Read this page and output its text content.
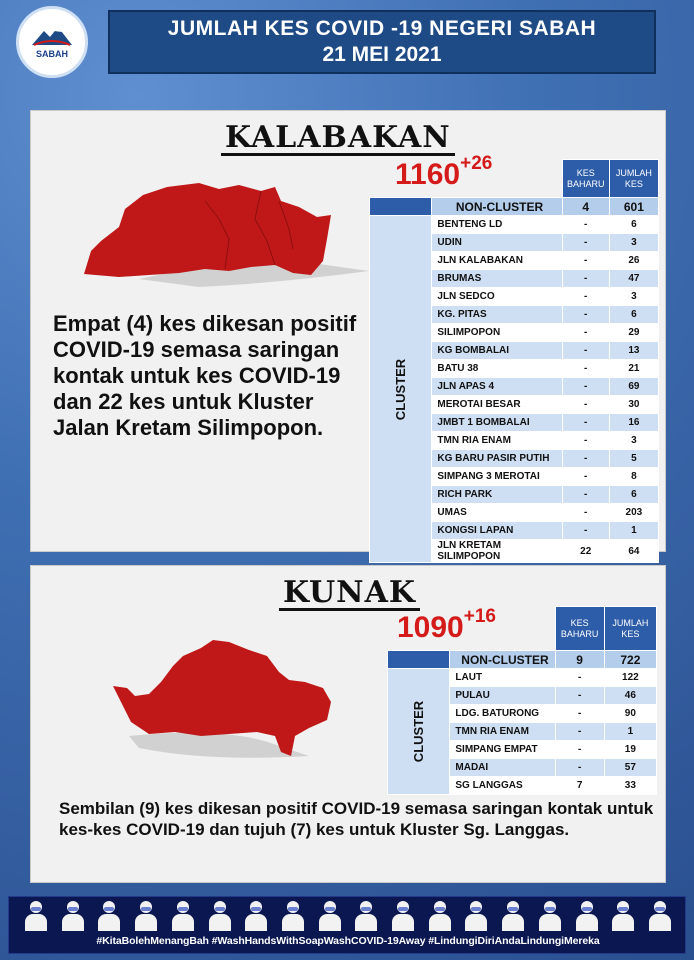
SABAH
JUMLAH KES COVID -19 NEGERI SABAH
21 MEI 2021
KALABAKAN
$1160^{+26}$
Empat (4) kes dikesan positif COVID-19 semasa saringan kontak untuk kes COVID-19 dan 22 kes untuk Kluster Jalan Kretam Silimpopon.
		KES BAHARU	JUMLAH KES
	NON-CLUSTER	4	601
CLUSTER	BENTENG LD	-	6
	UDIN	-	3
	JLN KALABAKAN	-	26
	BRUMAS	-	47
	JLN SEDCO	-	3
	KG. PITAS	-	6
	SILIMPOPON	-	29
	KG BOMBALAI	-	13
	BATU 38	-	21
	JLN APAS 4	-	69
	MEROTAI BESAR	-	30
	JMBT 1 BOMBALAI	-	16
	TMN RIA ENAM	-	3
	KG BARU PASIR PUTIH	-	5
	SIMPANG 3 MEROTAI	-	8
	RICH PARK	-	6
	UMAS	-	203
	KONGSI LAPAN	-	1
	JLN KRETAM SILIMPOPON	22	64
KUNAK
$1090^{+16}$
		KES BAHARU	JUMLAH KES
	NON-CLUSTER	9	722
CLUSTER	LAUT	-	122
	PULAU	-	46
	LDG. BATURONG	-	90
	TMN RIA ENAM	-	1
	SIMPANG EMPAT	-	19
	MADAI	-	57
	SG LANGGAS	7	33
Sembilan (9) kes dikesan positif COVID-19 semasa saringan kontak untuk kes-kes COVID-19 dan tujuh (7) kes untuk Kluster Sg. Langgas.
#KitaBolehMenangBah #WashHandsWithSoapWashCOVID-19Away #LindungiDiriAndaLindungiMereka
